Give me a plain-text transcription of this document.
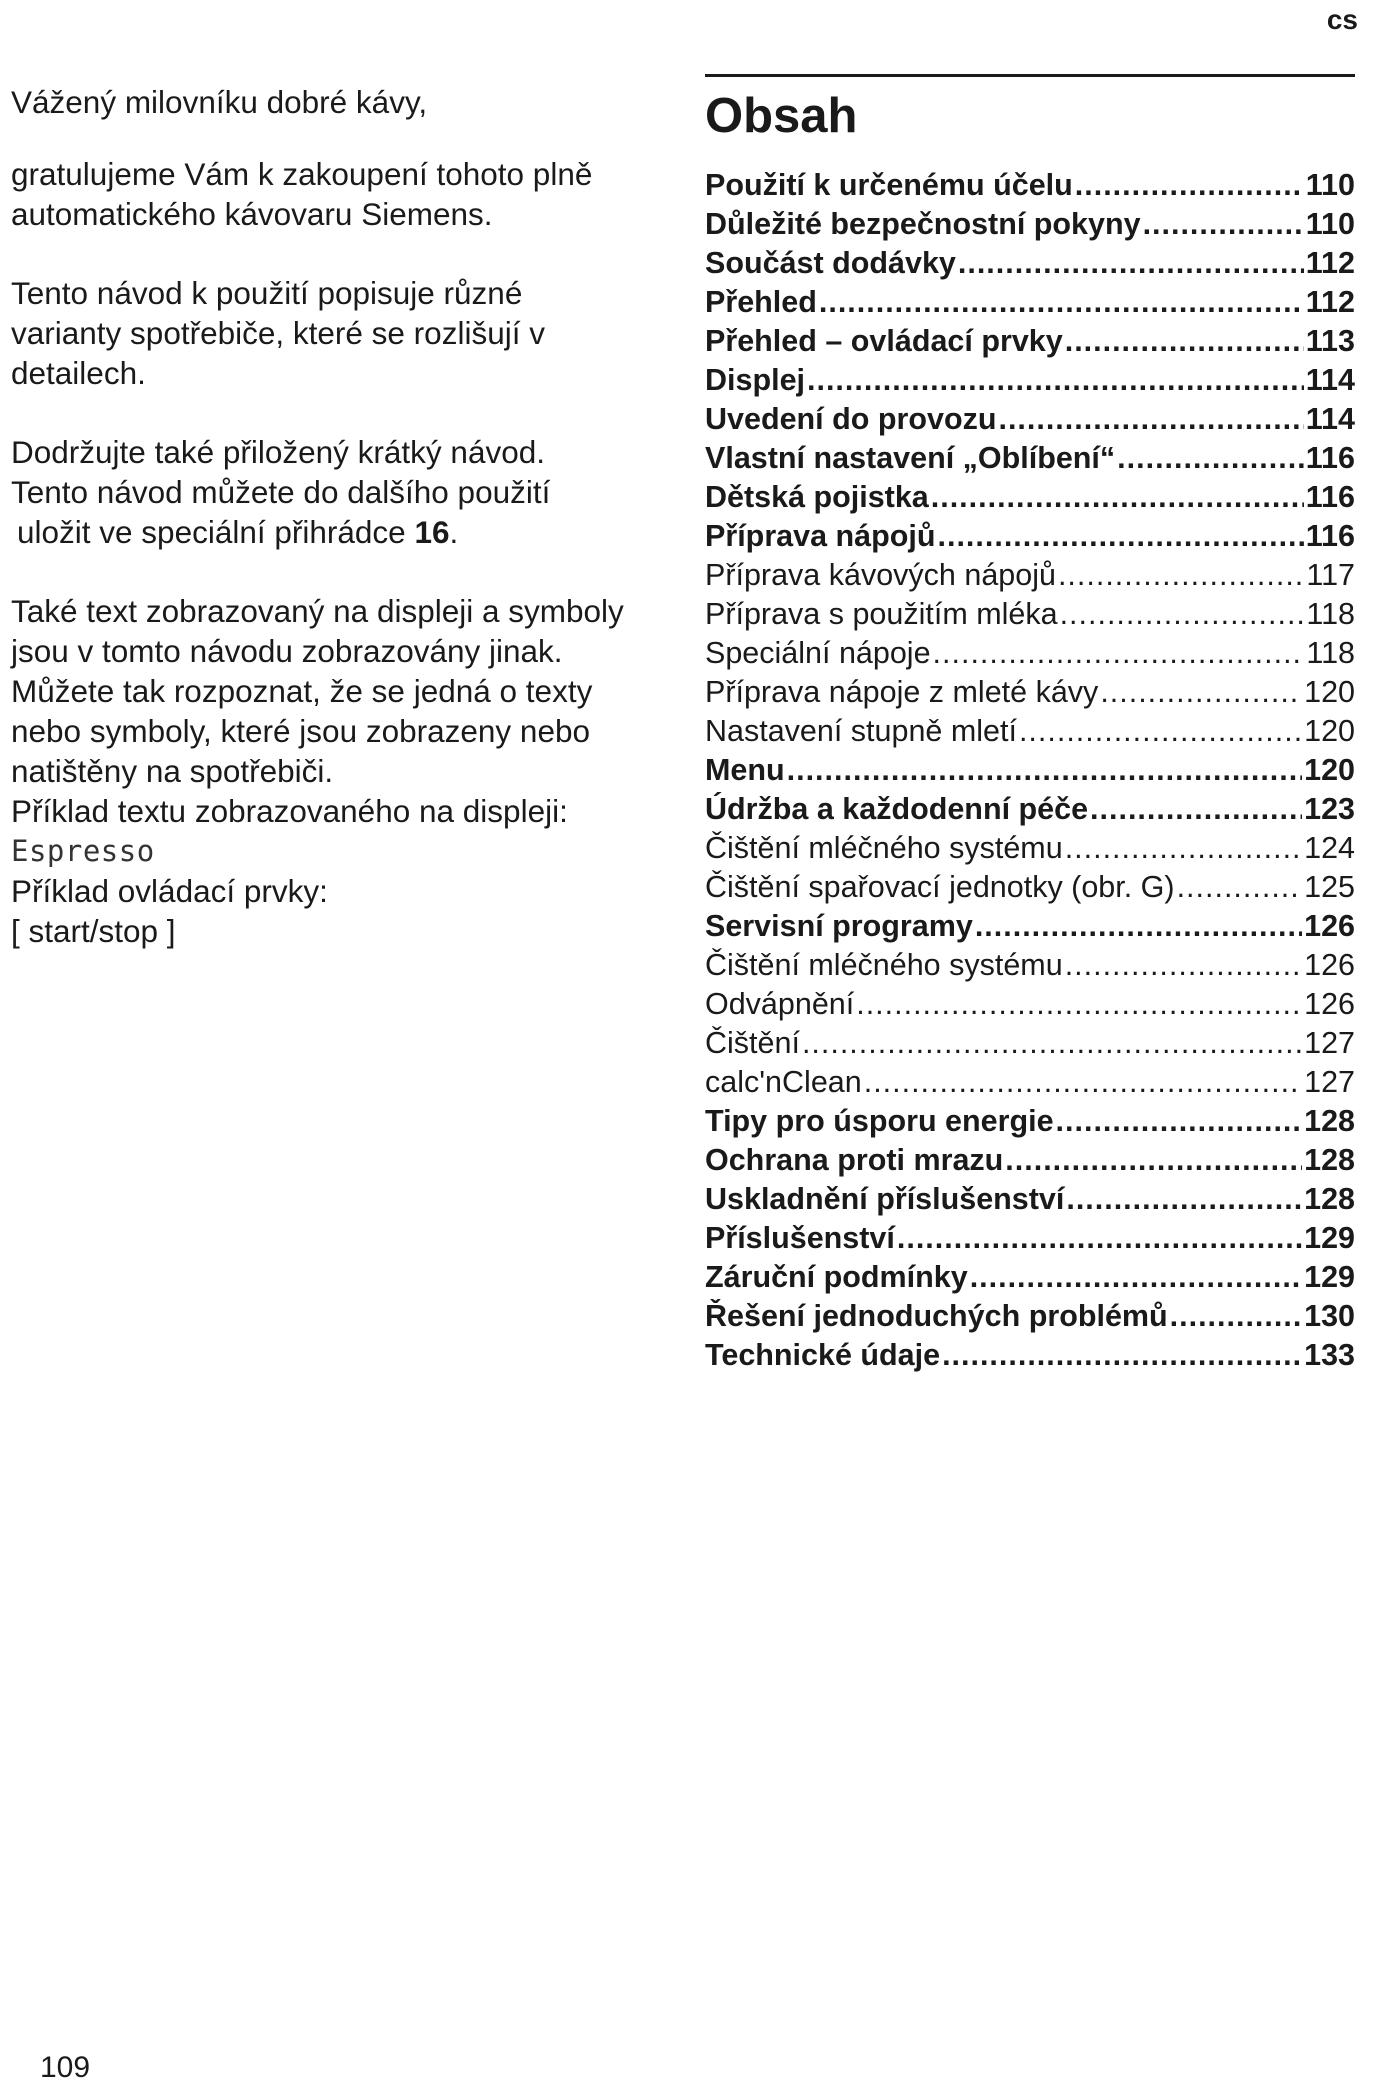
cs

Vážený milovníku dobré kávy,

gratulujeme Vám k zakoupení tohoto plně

automatického kávovaru Siemens.

Tento návod k použití popisuje různé

varianty spotřebiče, které se rozlišují v

detailech.

Dodržujte také přiložený krátký návod.

Tento návod můžete do dalšího použití

uložit ve speciální přihrádce 16.

Také text zobrazovaný na displeji a symboly

jsou v tomto návodu zobrazovány jinak.

Můžete tak rozpoznat, že se jedná o texty

nebo symboly, které jsou zobrazeny nebo

natištěny na spotřebiči.

Příklad textu zobrazovaného na displeji:

Espresso

Příklad ovládací prvky:

[ start/stop ]

Obsah
Použití k určenému účelu .....	110
Důležité bezpečnostní pokyny .....	110
Součást dodávky .....	112
Přehled .....	112
Přehled – ovládací prvky .....	113
Displej .....	114
Uvedení do provozu .....	114
Vlastní nastavení „Oblíbení“ .....	116
Dětská pojistka .....	116
Příprava nápojů .....	116
Příprava kávových nápojů .....	117
Příprava s použitím mléka .....	118
Speciální nápoje .....	118
Příprava nápoje z mleté kávy .....	120
Nastavení stupně mletí .....	120
Menu .....	120
Údržba a každodenní péče .....	123
Čištění mléčného systému .....	124
Čištění spařovací jednotky (obr. G) .....	125
Servisní programy .....	126
Čištění mléčného systému .....	126
Odvápnění .....	126
Čištění .....	127
calc'nClean .....	127
Tipy pro úsporu energie .....	128
Ochrana proti mrazu .....	128
Uskladnění příslušenství .....	128
Příslušenství .....	129
Záruční podmínky .....	129
Řešení jednoduchých problémů .....	130
Technické údaje .....	133
109
